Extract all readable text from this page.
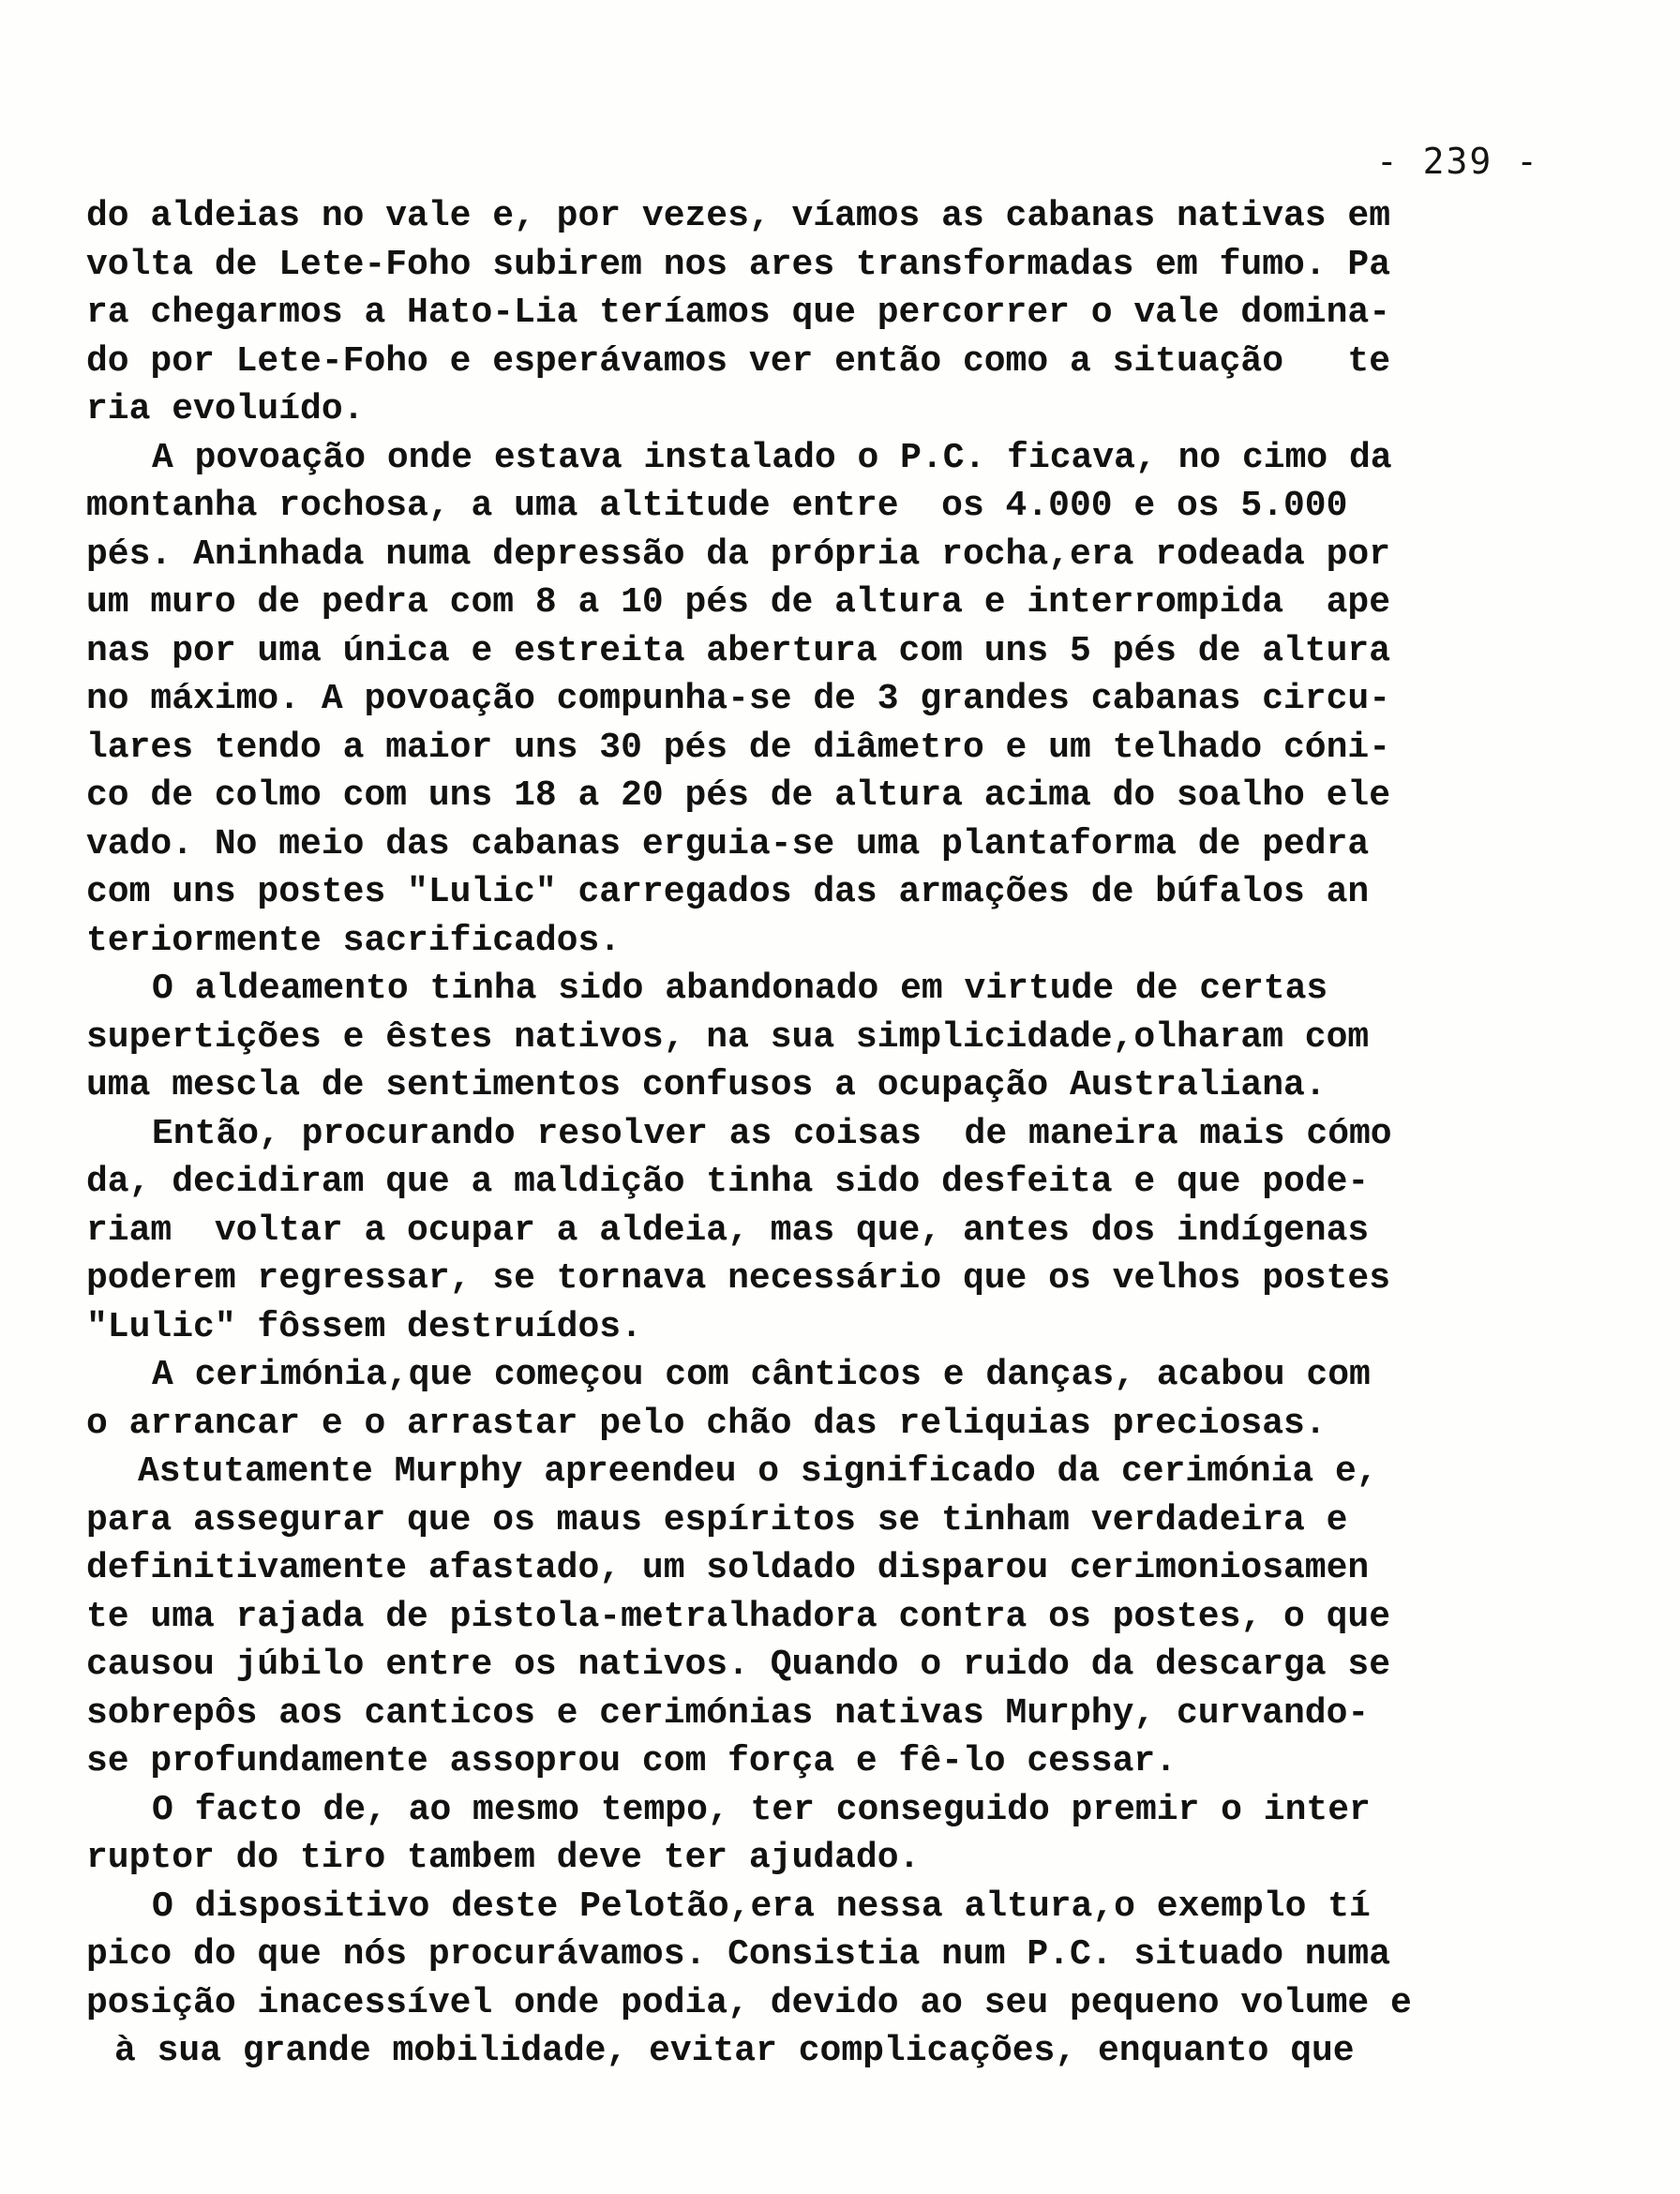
- 239 -
do aldeias no vale e, por vezes, víamos as cabanas nativas em
volta de Lete-Foho subirem nos ares transformadas em fumo. Pa
ra chegarmos a Hato-Lia teríamos que percorrer o vale domina-
do por Lete-Foho e esperávamos ver então como a situação   te
ria evoluído.
A povoação onde estava instalado o P.C. ficava, no cimo da
montanha rochosa, a uma altitude entre  os 4.000 e os 5.000
pés. Aninhada numa depressão da própria rocha,era rodeada por
um muro de pedra com 8 a 10 pés de altura e interrompida  ape
nas por uma única e estreita abertura com uns 5 pés de altura
no máximo. A povoação compunha-se de 3 grandes cabanas circu-
lares tendo a maior uns 30 pés de diâmetro e um telhado cóni-
co de colmo com uns 18 a 20 pés de altura acima do soalho ele
vado. No meio das cabanas erguia-se uma plantaforma de pedra
com uns postes "Lulic" carregados das armações de búfalos an
teriormente sacrificados.
O aldeamento tinha sido abandonado em virtude de certas
supertições e êstes nativos, na sua simplicidade,olharam com
uma mescla de sentimentos confusos a ocupação Australiana.
Então, procurando resolver as coisas  de maneira mais cómo
da, decidiram que a maldição tinha sido desfeita e que pode-
riam  voltar a ocupar a aldeia, mas que, antes dos indígenas
poderem regressar, se tornava necessário que os velhos postes
"Lulic" fôssem destruídos.
A cerimónia,que começou com cânticos e danças, acabou com
o arrancar e o arrastar pelo chão das reliquias preciosas.
Astutamente Murphy apreendeu o significado da cerimónia e,
para assegurar que os maus espíritos se tinham verdadeira e
definitivamente afastado, um soldado disparou cerimoniosamen
te uma rajada de pistola-metralhadora contra os postes, o que
causou júbilo entre os nativos. Quando o ruido da descarga se
sobrepôs aos canticos e cerimónias nativas Murphy, curvando-
se profundamente assoprou com força e fê-lo cessar.
O facto de, ao mesmo tempo, ter conseguido premir o inter
ruptor do tiro tambem deve ter ajudado.
O dispositivo deste Pelotão,era nessa altura,o exemplo tí
pico do que nós procurávamos. Consistia num P.C. situado numa
posição inacessível onde podia, devido ao seu pequeno volume e
à sua grande mobilidade, evitar complicações, enquanto que
